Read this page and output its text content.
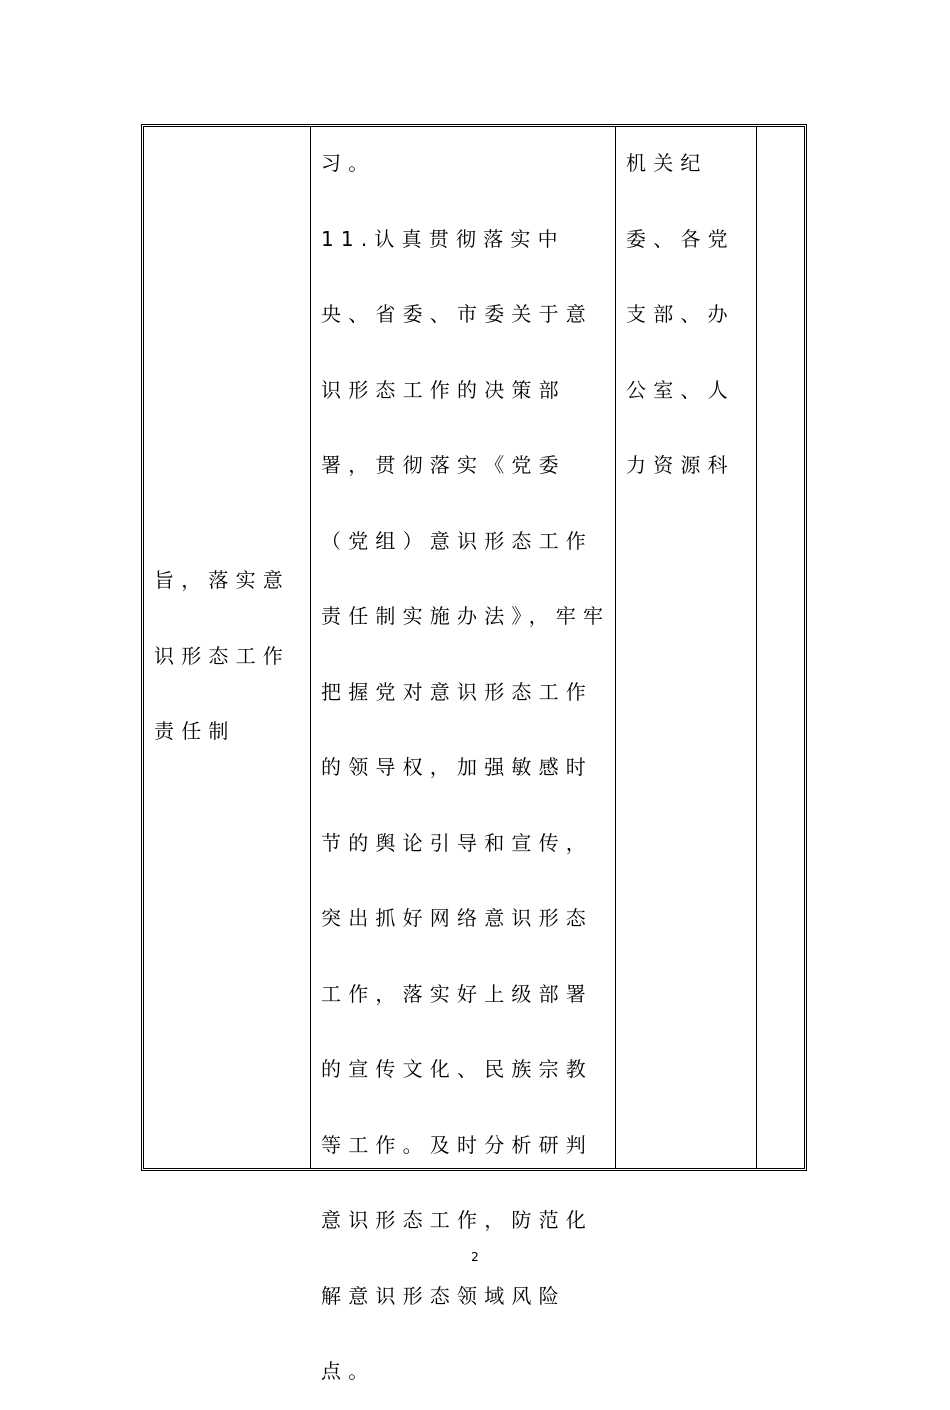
旨，落实意识形态工作责任制
习。
11.认真贯彻落实中央、省委、市委关于意识形态工作的决策部署，贯彻落实《党委（党组）意识形态工作责任制实施办法》，牢牢把握党对意识形态工作的领导权，加强敏感时节的舆论引导和宣传，突出抓好网络意识形态工作，落实好上级部署的宣传文化、民族宗教等工作。及时分析研判意识形态工作，防范化解意识形态领域风险点。
机关纪委、各党支部、办公室、人力资源科
2
